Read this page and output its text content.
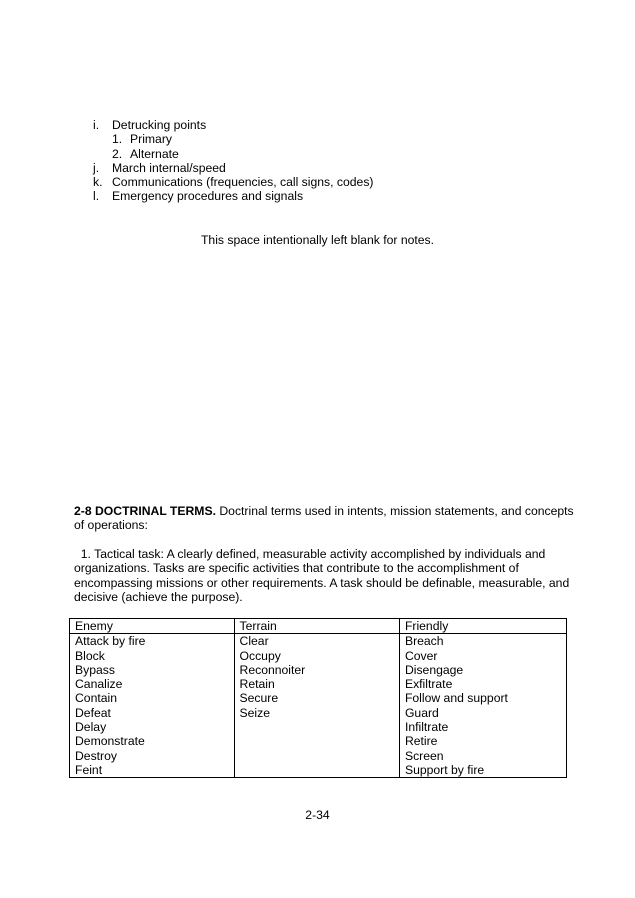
i. Detrucking points
1. Primary
2. Alternate
j. March internal/speed
k. Communications (frequencies, call signs, codes)
l. Emergency procedures and signals
This space intentionally left blank for notes.
2-8 DOCTRINAL TERMS. Doctrinal terms used in intents, mission statements, and concepts of operations:
1. Tactical task: A clearly defined, measurable activity accomplished by individuals and organizations. Tasks are specific activities that contribute to the accomplishment of encompassing missions or other requirements. A task should be definable, measurable, and decisive (achieve the purpose).
Enemy	Terrain	Friendly
Attack by fire	Clear	Breach
Block	Occupy	Cover
Bypass	Reconnoiter	Disengage
Canalize	Retain	Exfiltrate
Contain	Secure	Follow and support
Defeat	Seize	Guard
Delay		Infiltrate
Demonstrate		Retire
Destroy		Screen
Feint		Support by fire
2-34
